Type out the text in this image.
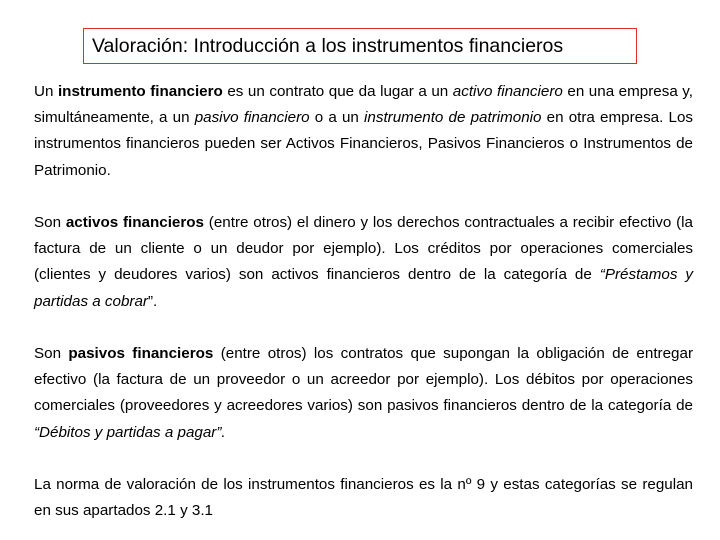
Valoración: Introducción a los instrumentos financieros

Un instrumento financiero es un contrato que da lugar a un activo financiero en una empresa y, simultáneamente, a un pasivo financiero o a un instrumento de patrimonio en otra empresa. Los instrumentos financieros pueden ser Activos Financieros, Pasivos Financieros o Instrumentos de Patrimonio.

Son activos financieros (entre otros) el dinero y los derechos contractuales a recibir efectivo (la factura de un cliente o un deudor por ejemplo). Los créditos por operaciones comerciales (clientes y deudores varios) son activos financieros dentro de la categoría de “Préstamos y partidas a cobrar”.

Son pasivos financieros (entre otros) los contratos que supongan la obligación de entregar efectivo (la factura de un proveedor o un acreedor por ejemplo). Los débitos por operaciones comerciales (proveedores y acreedores varios) son pasivos financieros dentro de la categoría de “Débitos y partidas a pagar”.

La norma de valoración de los instrumentos financieros es la nº 9 y estas categorías se regulan en sus apartados 2.1 y 3.1
